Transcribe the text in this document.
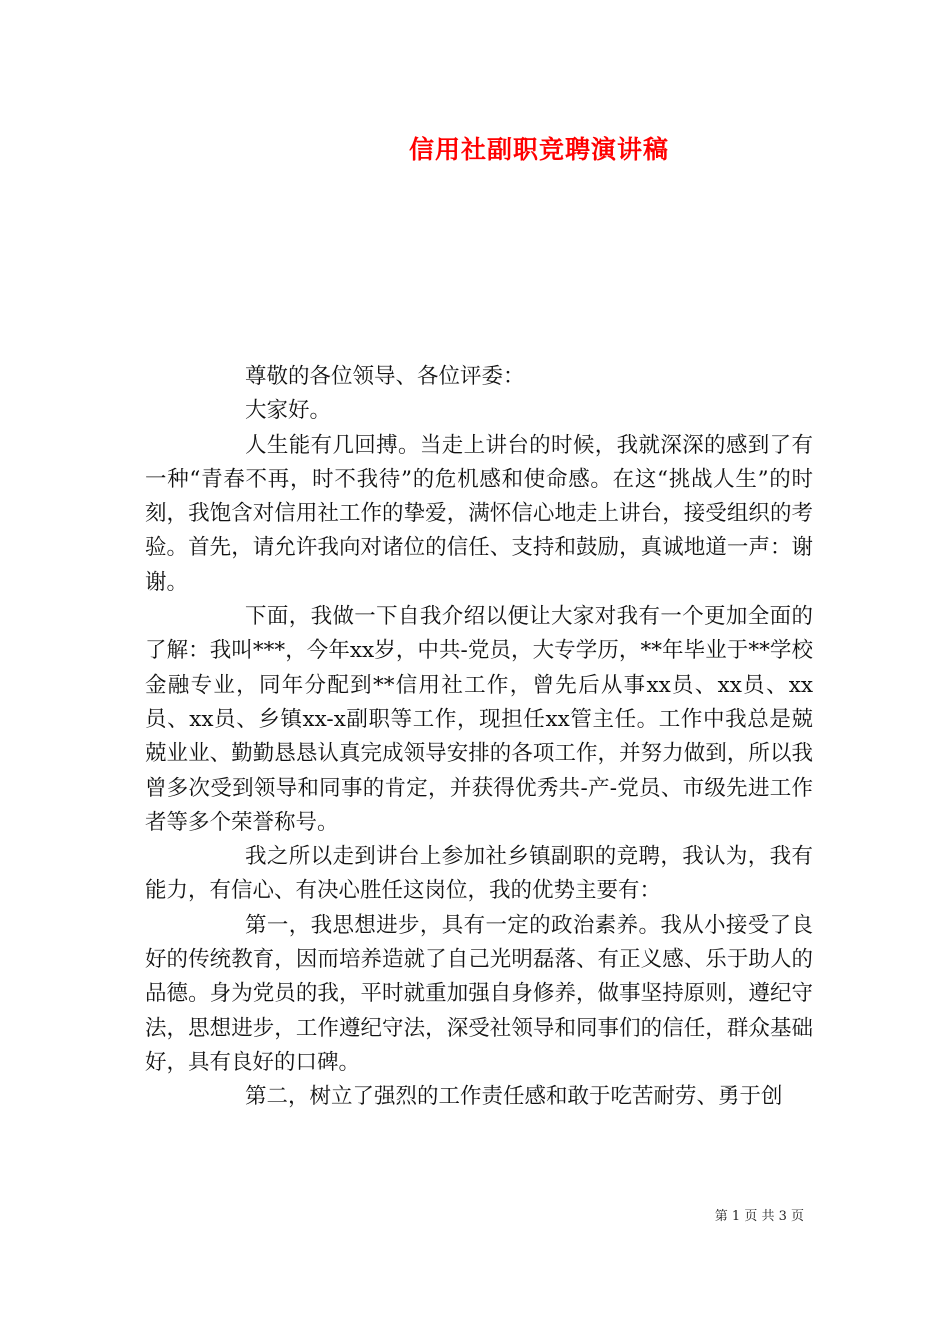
信用社副职竞聘演讲稿

尊敬的各位领导、各位评委：

大家好。

人生能有几回搏。当走上讲台的时候，我就深深的感到了有一种“青春不再，时不我待”的危机感和使命感。在这“挑战人生”的时刻，我饱含对信用社工作的挚爱，满怀信心地走上讲台，接受组织的考验。首先，请允许我向对诸位的信任、支持和鼓励，真诚地道一声：谢谢。

下面，我做一下自我介绍以便让大家对我有一个更加全面的了解：我叫***，今年xx岁，中共-党员，大专学历，**年毕业于**学校金融专业，同年分配到**信用社工作，曾先后从事xx员、xx员、xx员、xx员、乡镇xx-x副职等工作，现担任xx管主任。工作中我总是兢兢业业、勤勤恳恳认真完成领导安排的各项工作，并努力做到，所以我曾多次受到领导和同事的肯定，并获得优秀共-产-党员、市级先进工作者等多个荣誉称号。

我之所以走到讲台上参加社乡镇副职的竞聘，我认为，我有能力，有信心、有决心胜任这岗位，我的优势主要有：

第一，我思想进步，具有一定的政治素养。我从小接受了良好的传统教育，因而培养造就了自己光明磊落、有正义感、乐于助人的品德。身为党员的我，平时就重加强自身修养，做事坚持原则，遵纪守法，思想进步，工作遵纪守法，深受社领导和同事们的信任，群众基础好，具有良好的口碑。

第二，树立了强烈的工作责任感和敢于吃苦耐劳、勇于创

第 1 页 共 3 页
